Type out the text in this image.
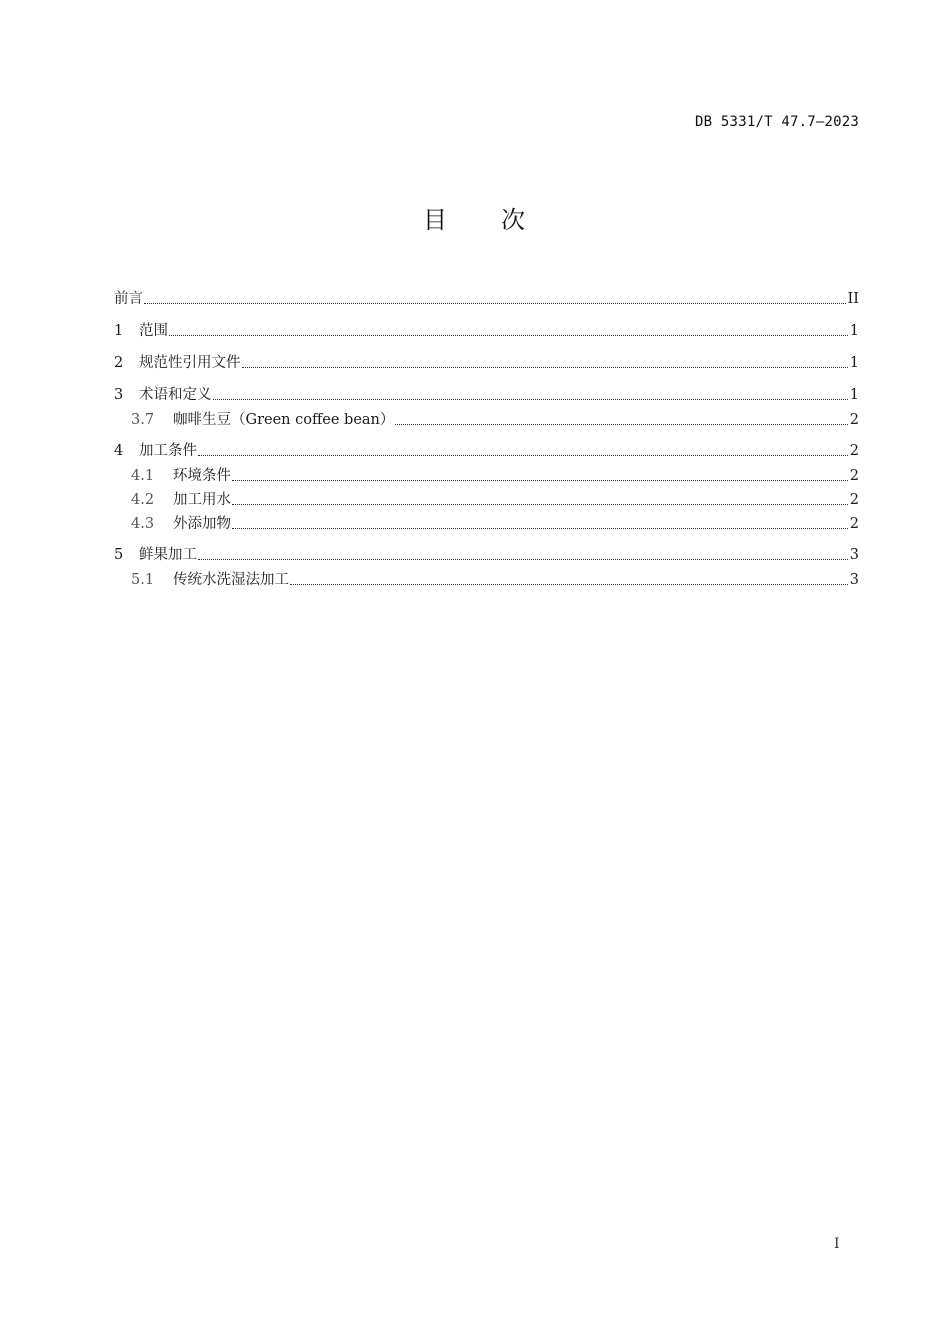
DB 5331/T 47.7—2023
目 次
前言	II
1	范围	1
2	规范性引用文件	1
3	术语和定义	1
3.7	咖啡生豆（Green coffee bean）	2
4	加工条件	2
4.1	环境条件	2
4.2	加工用水	2
4.3	外添加物	2
5	鲜果加工	3
5.1	传统水洗湿法加工	3
I
